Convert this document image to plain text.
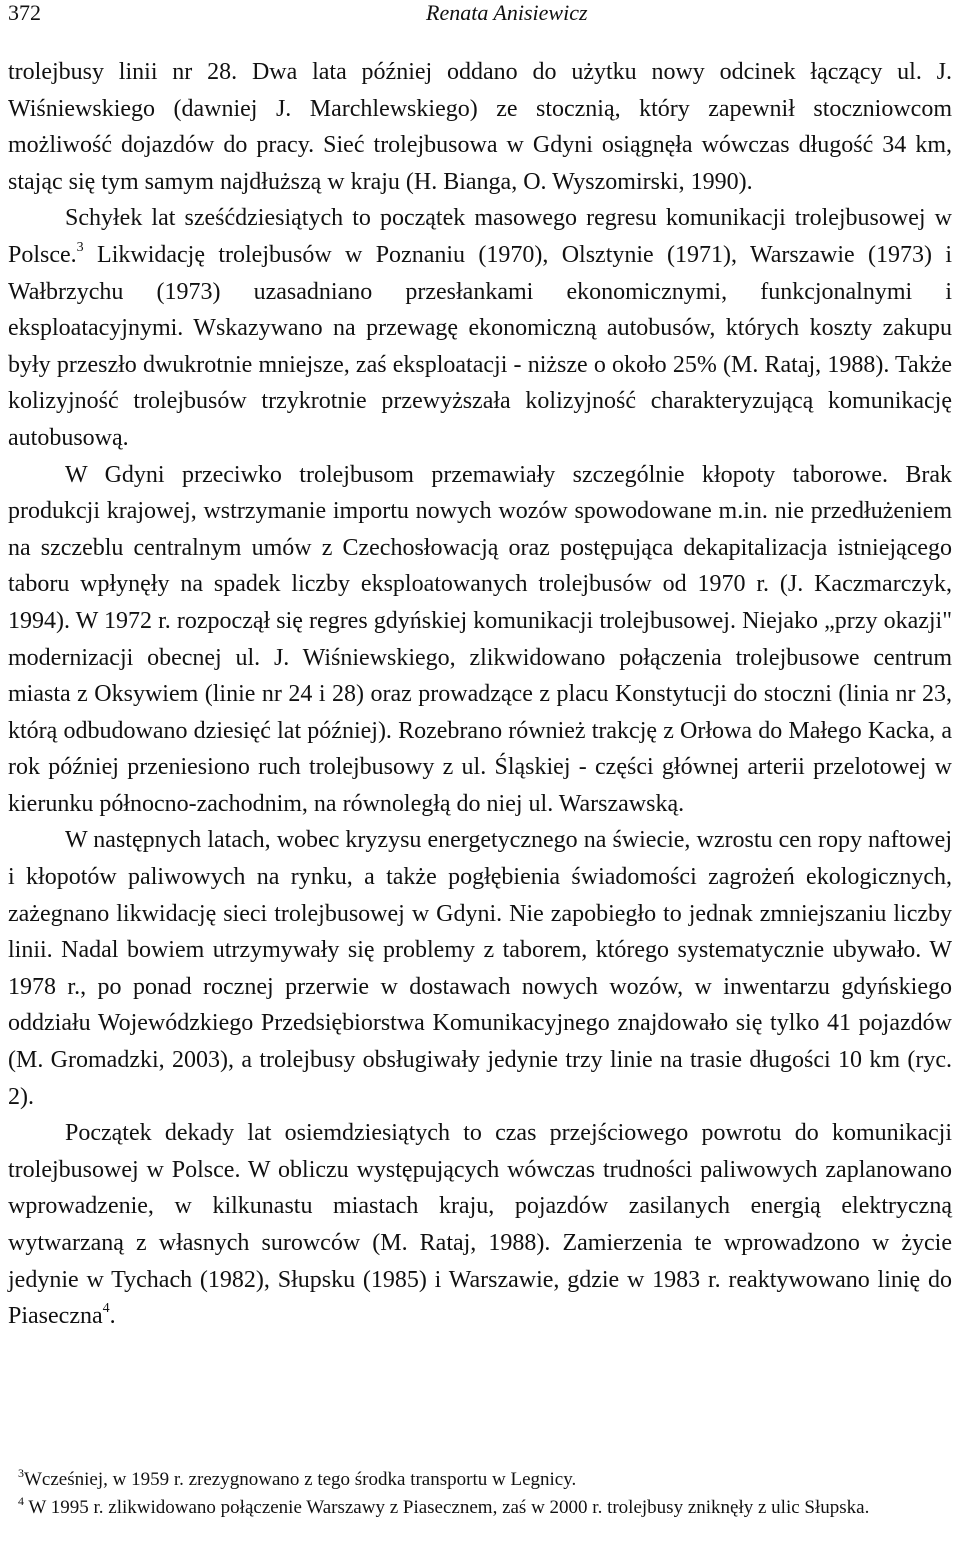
372	Renata Anisiewicz

trolejbusy linii nr 28. Dwa lata później oddano do użytku nowy odcinek łączący ul. J. Wiśniewskiego (dawniej J. Marchlewskiego) ze stocznią, który zapewnił stoczniowcom możliwość dojazdów do pracy. Sieć trolejbusowa w Gdyni osiągnęła wówczas długość 34 km, stając się tym samym najdłuższą w kraju (H. Bianga, O. Wyszomirski, 1990).

Schyłek lat sześćdziesiątych to początek masowego regresu komunikacji trolejbusowej w Polsce.$^3$ Likwidację trolejbusów w Poznaniu (1970), Olsztynie (1971), Warszawie (1973) i Wałbrzychu (1973) uzasadniano przesłankami ekonomicznymi, funkcjonalnymi i eksploatacyjnymi. Wskazywano na przewagę ekonomiczną autobusów, których koszty zakupu były przeszło dwukrotnie mniejsze, zaś eksploatacji - niższe o około 25% (M. Rataj, 1988). Także kolizyjność trolejbusów trzykrotnie przewyższała kolizyjność charakteryzującą komunikację autobusową.

W Gdyni przeciwko trolejbusom przemawiały szczególnie kłopoty taborowe. Brak produkcji krajowej, wstrzymanie importu nowych wozów spowodowane m.in. nie przedłużeniem na szczeblu centralnym umów z Czechosłowacją oraz postępująca dekapitalizacja istniejącego taboru wpłynęły na spadek liczby eksploatowanych trolejbusów od 1970 r. (J. Kaczmarczyk, 1994). W 1972 r. rozpoczął się regres gdyńskiej komunikacji trolejbusowej. Niejako „przy okazji" modernizacji obecnej ul. J. Wiśniewskiego, zlikwidowano połączenia trolejbusowe centrum miasta z Oksywiem (linie nr 24 i 28) oraz prowadzące z placu Konstytucji do stoczni (linia nr 23, którą odbudowano dziesięć lat później). Rozebrano również trakcję z Orłowa do Małego Kacka, a rok później przeniesiono ruch trolejbusowy z ul. Śląskiej - części głównej arterii przelotowej w kierunku północno-zachodnim, na równoległą do niej ul. Warszawską.

W następnych latach, wobec kryzysu energetycznego na świecie, wzrostu cen ropy naftowej i kłopotów paliwowych na rynku, a także pogłębienia świadomości zagrożeń ekologicznych, zażegnano likwidację sieci trolejbusowej w Gdyni. Nie zapobiegło to jednak zmniejszaniu liczby linii. Nadal bowiem utrzymywały się problemy z taborem, którego systematycznie ubywało. W 1978 r., po ponad rocznej przerwie w dostawach nowych wozów, w inwentarzu gdyńskiego oddziału Wojewódzkiego Przedsiębiorstwa Komunikacyjnego znajdowało się tylko 41 pojazdów (M. Gromadzki, 2003), a trolejbusy obsługiwały jedynie trzy linie na trasie długości 10 km (ryc. 2).

Początek dekady lat osiemdziesiątych to czas przejściowego powrotu do komunikacji trolejbusowej w Polsce. W obliczu występujących wówczas trudności paliwowych zaplanowano wprowadzenie, w kilkunastu miastach kraju, pojazdów zasilanych energią elektryczną wytwarzaną z własnych surowców (M. Rataj, 1988). Zamierzenia te wprowadzono w życie jedynie w Tychach (1982), Słupsku (1985) i Warszawie, gdzie w 1983 r. reaktywowano linię do Piaseczna$^4$.

$^3$Wcześniej, w 1959 r. zrezygnowano z tego środka transportu w Legnicy.

$^4$ W 1995 r. zlikwidowano połączenie Warszawy z Piasecznem, zaś w 2000 r. trolejbusy zniknęły z ulic Słupska.
